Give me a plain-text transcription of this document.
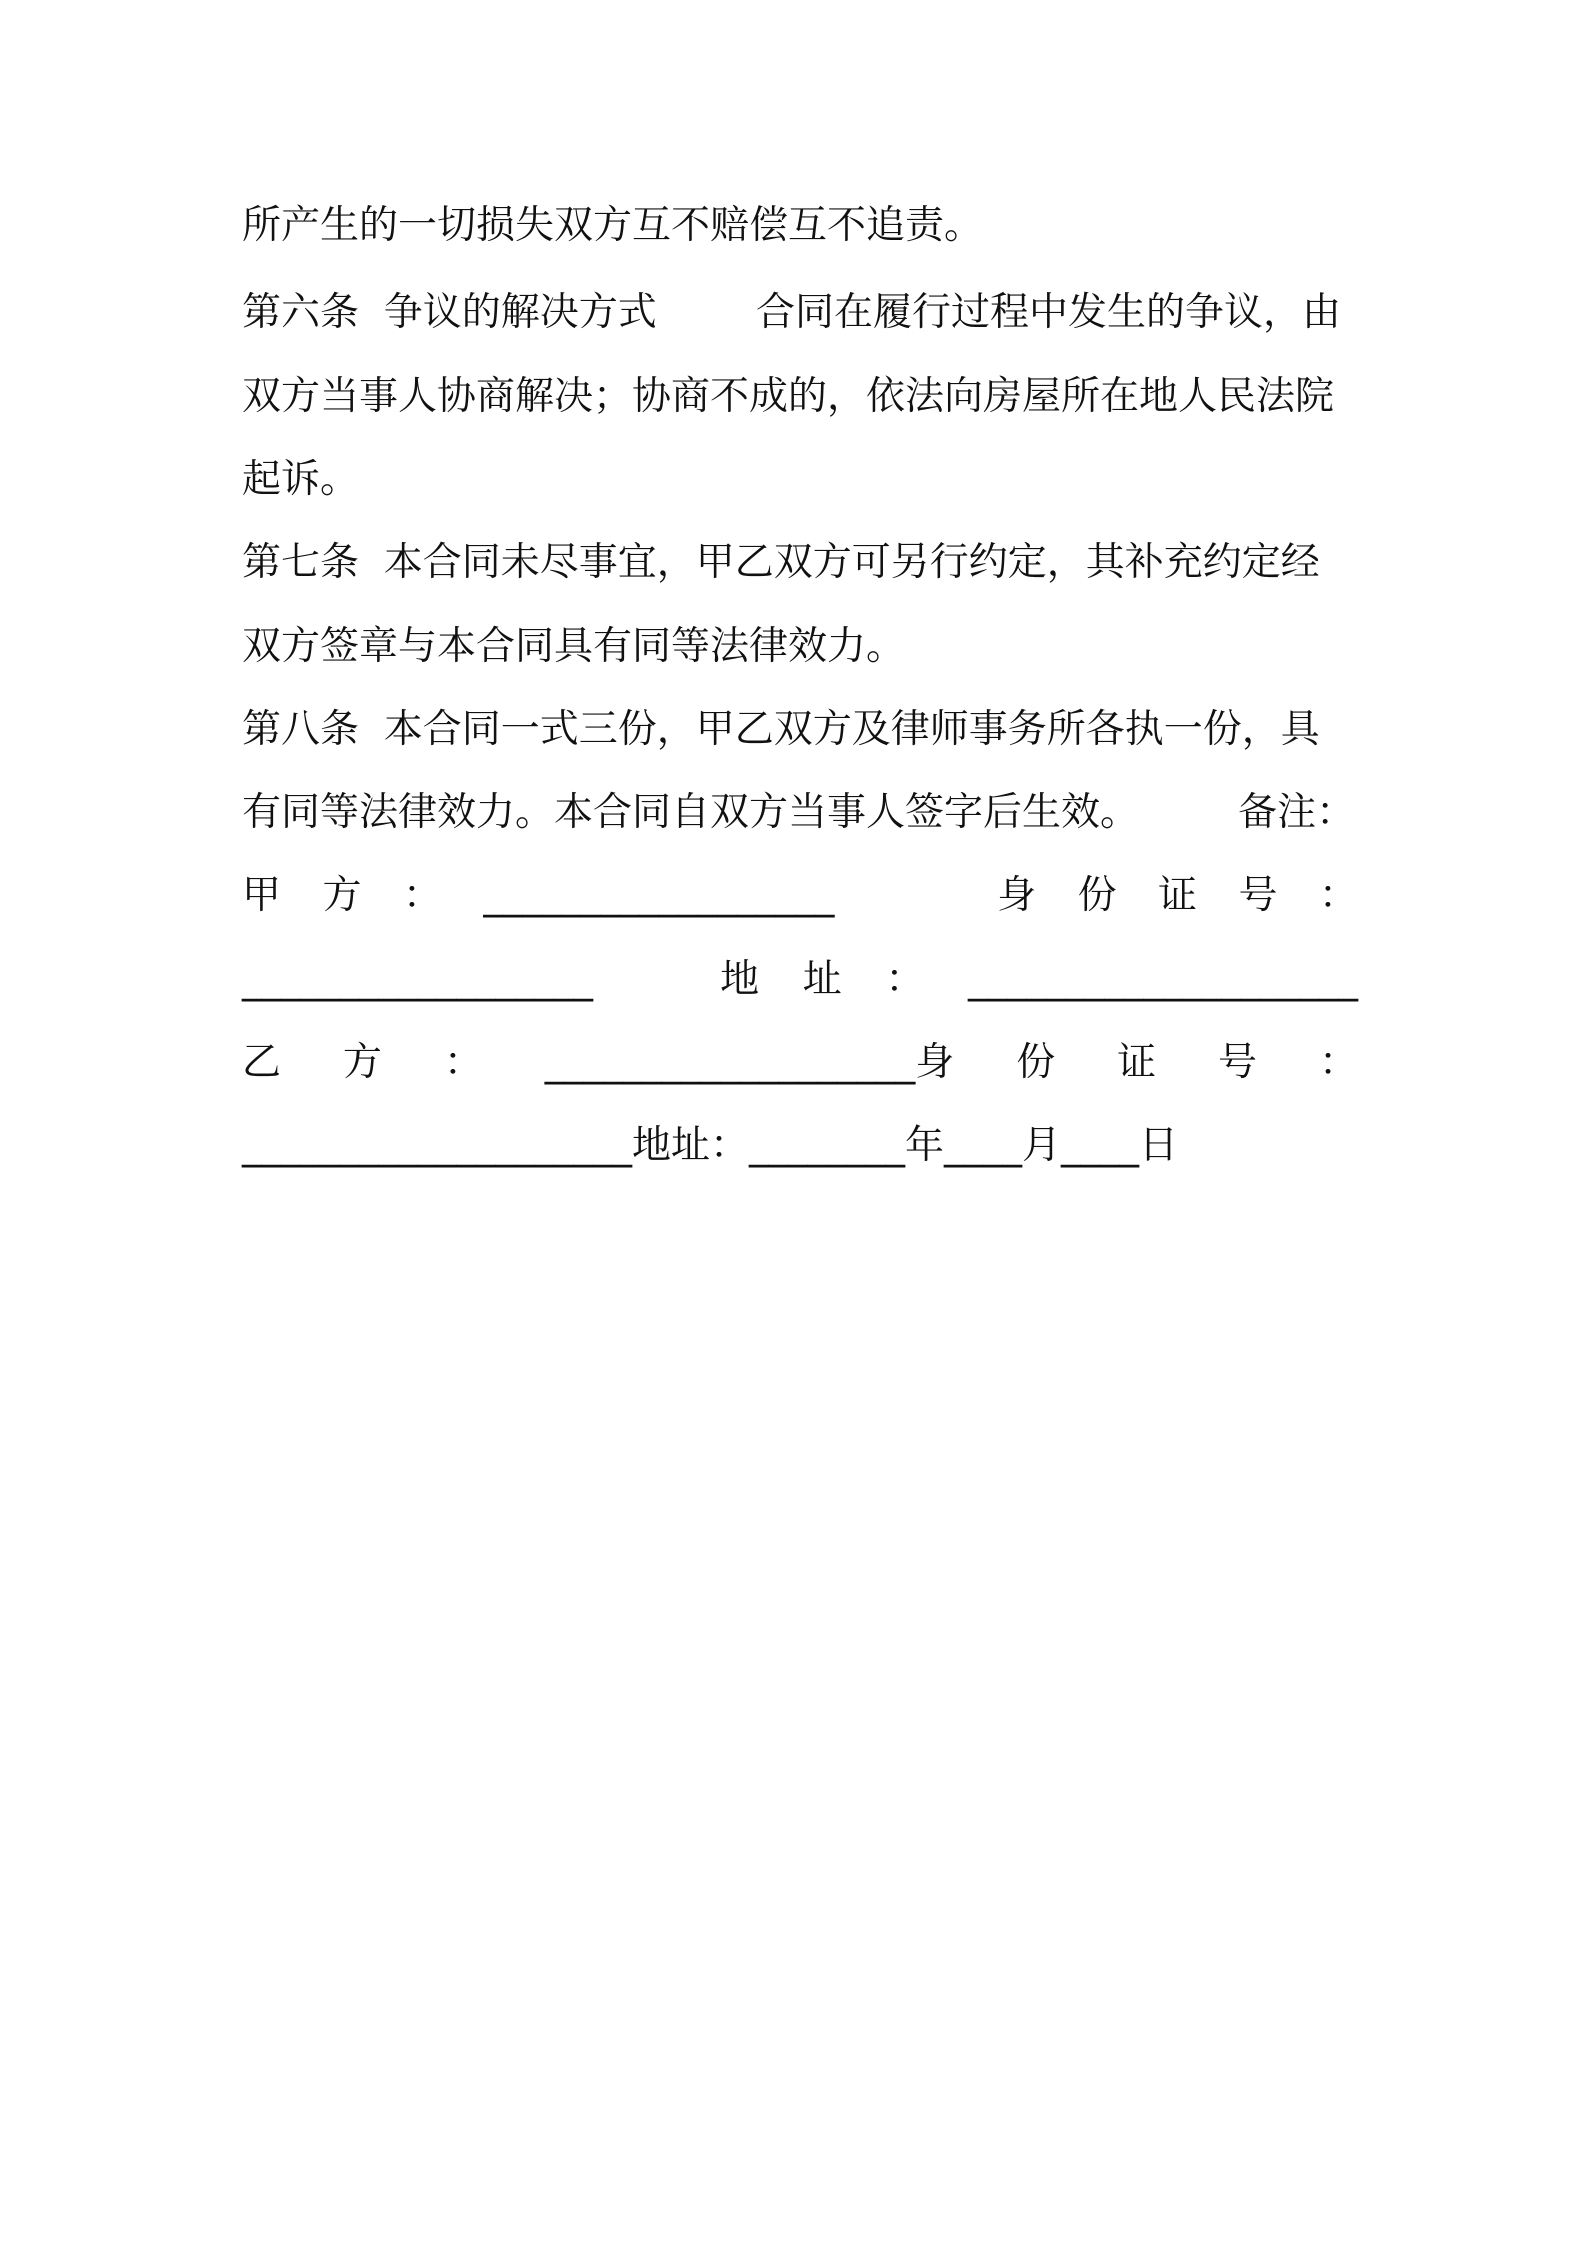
所产生的一切损失双方互不赔偿互不追责。
第六条  争议的解决方式        合同在履行过程中发生的争议，由
双方当事人协商解决；协商不成的，依法向房屋所在地人民法院
起诉。
第七条  本合同未尽事宜，甲乙双方可另行约定，其补充约定经
双方签章与本合同具有同等法律效力。
第八条  本合同一式三份，甲乙双方及律师事务所各执一份，具
有同等法律效力。本合同自双方当事人签字后生效。        备注：
甲 方 ： __________________	身 份 证 号 ：
__________________	地 址 ： ____________________
乙 方 ： ___________________身 份 证 号 ：
____________________地址：________年____月____日
